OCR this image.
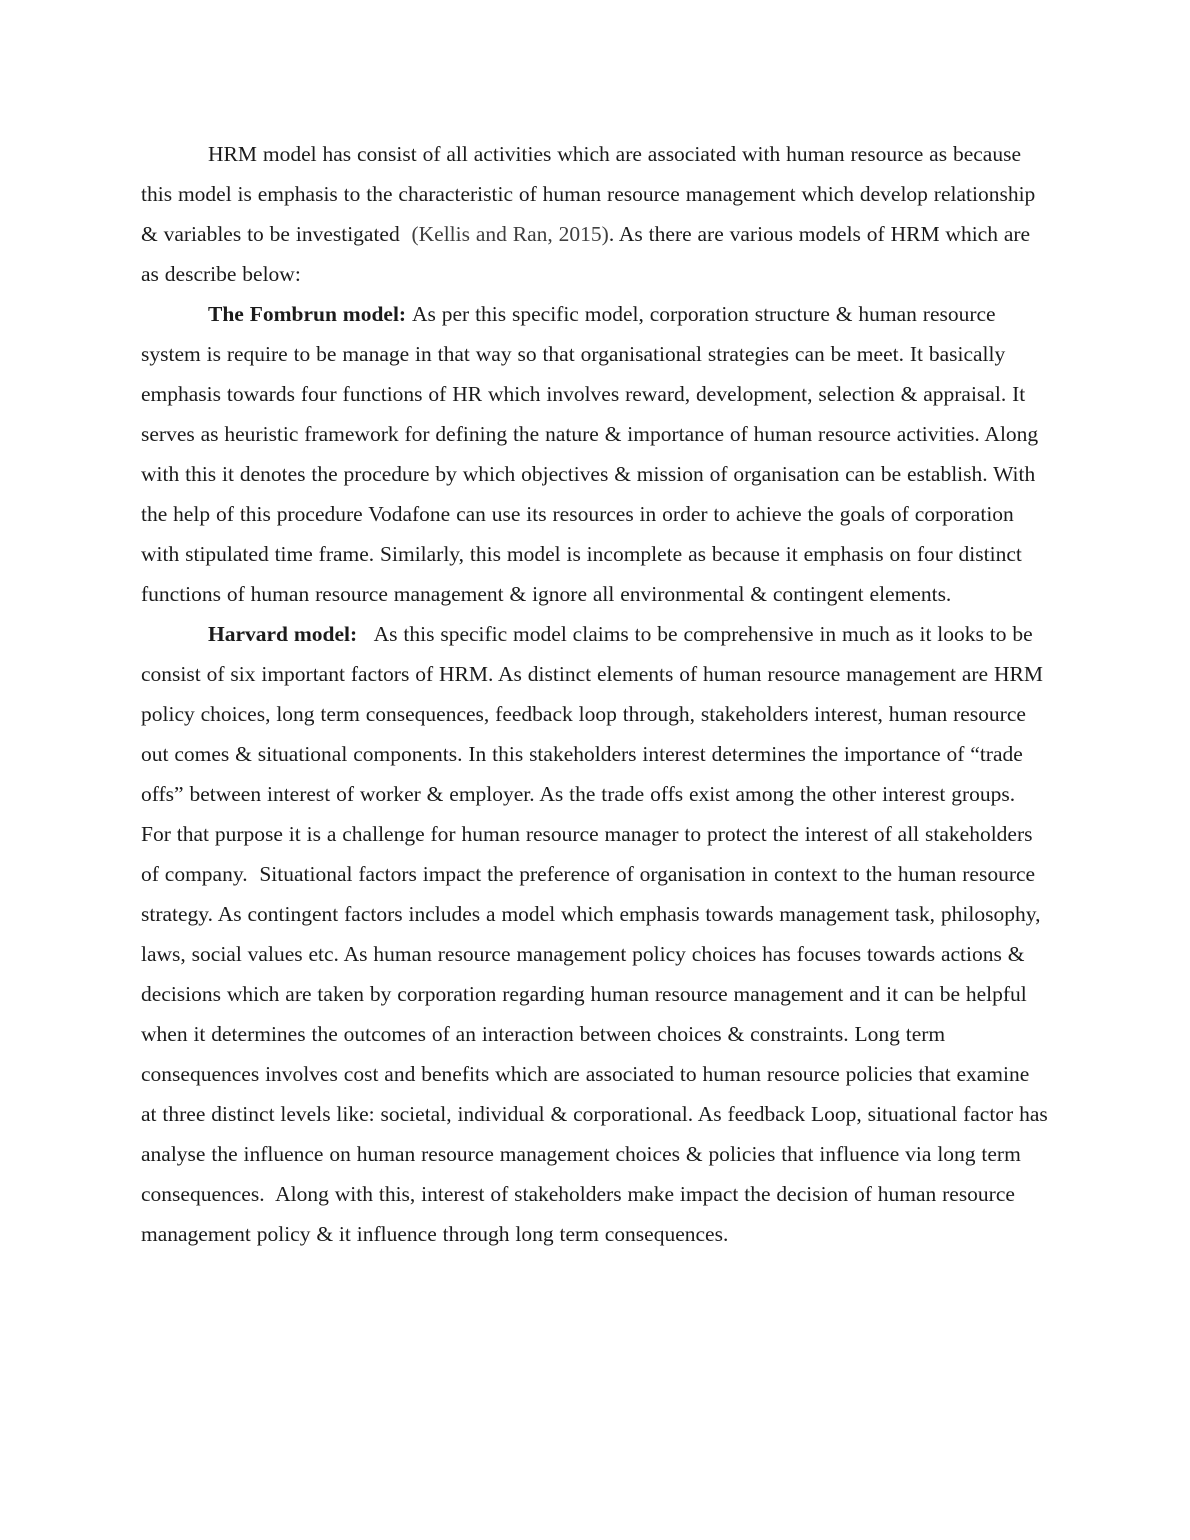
HRM model has consist of all activities which are associated with human resource as because this model is emphasis to the characteristic of human resource management which develop relationship & variables to be investigated  (Kellis and Ran, 2015). As there are various models of HRM which are as describe below:

The Fombrun model: As per this specific model, corporation structure & human resource system is require to be manage in that way so that organisational strategies can be meet. It basically emphasis towards four functions of HR which involves reward, development, selection & appraisal. It serves as heuristic framework for defining the nature & importance of human resource activities. Along with this it denotes the procedure by which objectives & mission of organisation can be establish. With the help of this procedure Vodafone can use its resources in order to achieve the goals of corporation with stipulated time frame. Similarly, this model is incomplete as because it emphasis on four distinct functions of human resource management & ignore all environmental & contingent elements.

Harvard model:   As this specific model claims to be comprehensive in much as it looks to be consist of six important factors of HRM. As distinct elements of human resource management are HRM policy choices, long term consequences, feedback loop through, stakeholders interest, human resource out comes & situational components. In this stakeholders interest determines the importance of “trade offs” between interest of worker & employer. As the trade offs exist among the other interest groups. For that purpose it is a challenge for human resource manager to protect the interest of all stakeholders of company.  Situational factors impact the preference of organisation in context to the human resource strategy. As contingent factors includes a model which emphasis towards management task, philosophy, laws, social values etc. As human resource management policy choices has focuses towards actions & decisions which are taken by corporation regarding human resource management and it can be helpful when it determines the outcomes of an interaction between choices & constraints. Long term consequences involves cost and benefits which are associated to human resource policies that examine at three distinct levels like: societal, individual & corporational. As feedback Loop, situational factor has analyse the influence on human resource management choices & policies that influence via long term consequences.  Along with this, interest of stakeholders make impact the decision of human resource management policy & it influence through long term consequences.
